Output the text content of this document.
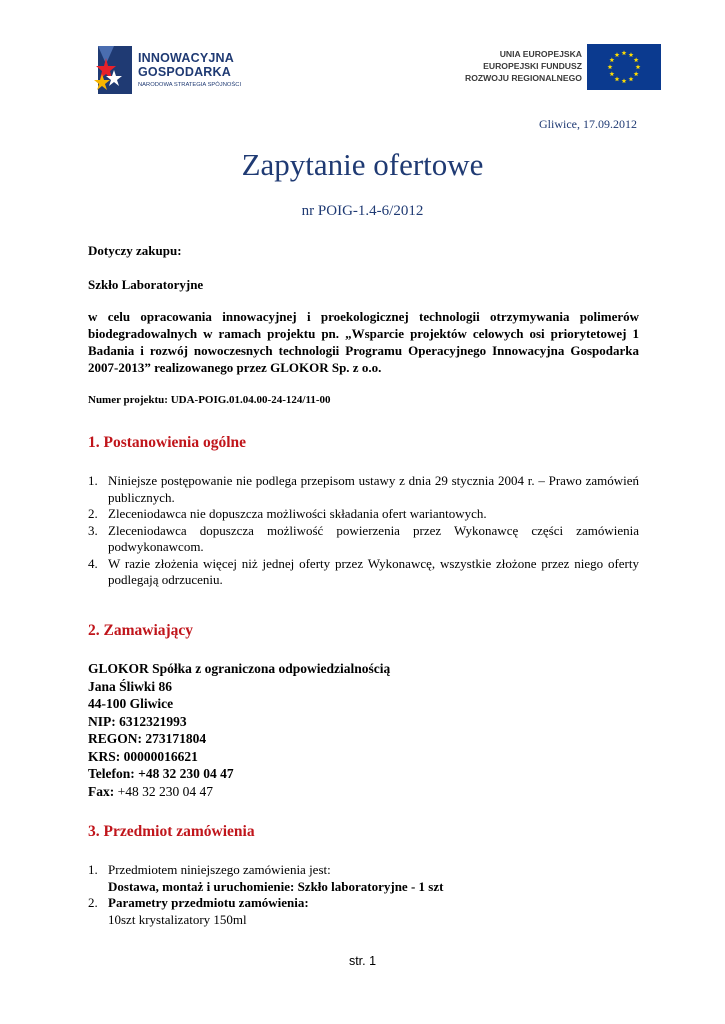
INNOWACYJNA
GOSPODARKA
NARODOWA STRATEGIA SPÓJNOŚCI
UNIA EUROPEJSKA
EUROPEJSKI FUNDUSZ
ROZWOJU REGIONALNEGO
Gliwice, 17.09.2012
Zapytanie ofertowe
nr POIG-1.4-6/2012
Dotyczy zakupu:
Szkło Laboratoryjne
w celu opracowania innowacyjnej i proekologicznej technologii otrzymywania polimerów biodegradowalnych w ramach projektu pn. „Wsparcie projektów celowych osi priorytetowej 1 Badania i rozwój nowoczesnych technologii Programu Operacyjnego Innowacyjna Gospodarka 2007-2013” realizowanego przez GLOKOR Sp. z o.o.
Numer projektu: UDA-POIG.01.04.00-24-124/11-00
1. Postanowienia ogólne
1. Niniejsze postępowanie nie podlega przepisom ustawy z dnia 29 stycznia 2004 r. – Prawo zamówień publicznych.
2. Zleceniodawca nie dopuszcza możliwości składania ofert wariantowych.
3. Zleceniodawca dopuszcza możliwość powierzenia przez Wykonawcę części zamówienia podwykonawcom.
4. W razie złożenia więcej niż jednej oferty przez Wykonawcę, wszystkie złożone przez niego oferty podlegają odrzuceniu.
2. Zamawiający
GLOKOR Spółka z ograniczona odpowiedzialnością
Jana Śliwki 86
44-100 Gliwice
NIP: 6312321993
REGON: 273171804
KRS: 00000016621
Telefon: +48 32 230 04 47
Fax: +48 32 230 04 47
3. Przedmiot zamówienia
1. Przedmiotem niniejszego zamówienia jest:
Dostawa, montaż i uruchomienie: Szkło laboratoryjne - 1 szt
2. Parametry przedmiotu zamówienia:
10szt krystalizatory 150ml
str. 1
